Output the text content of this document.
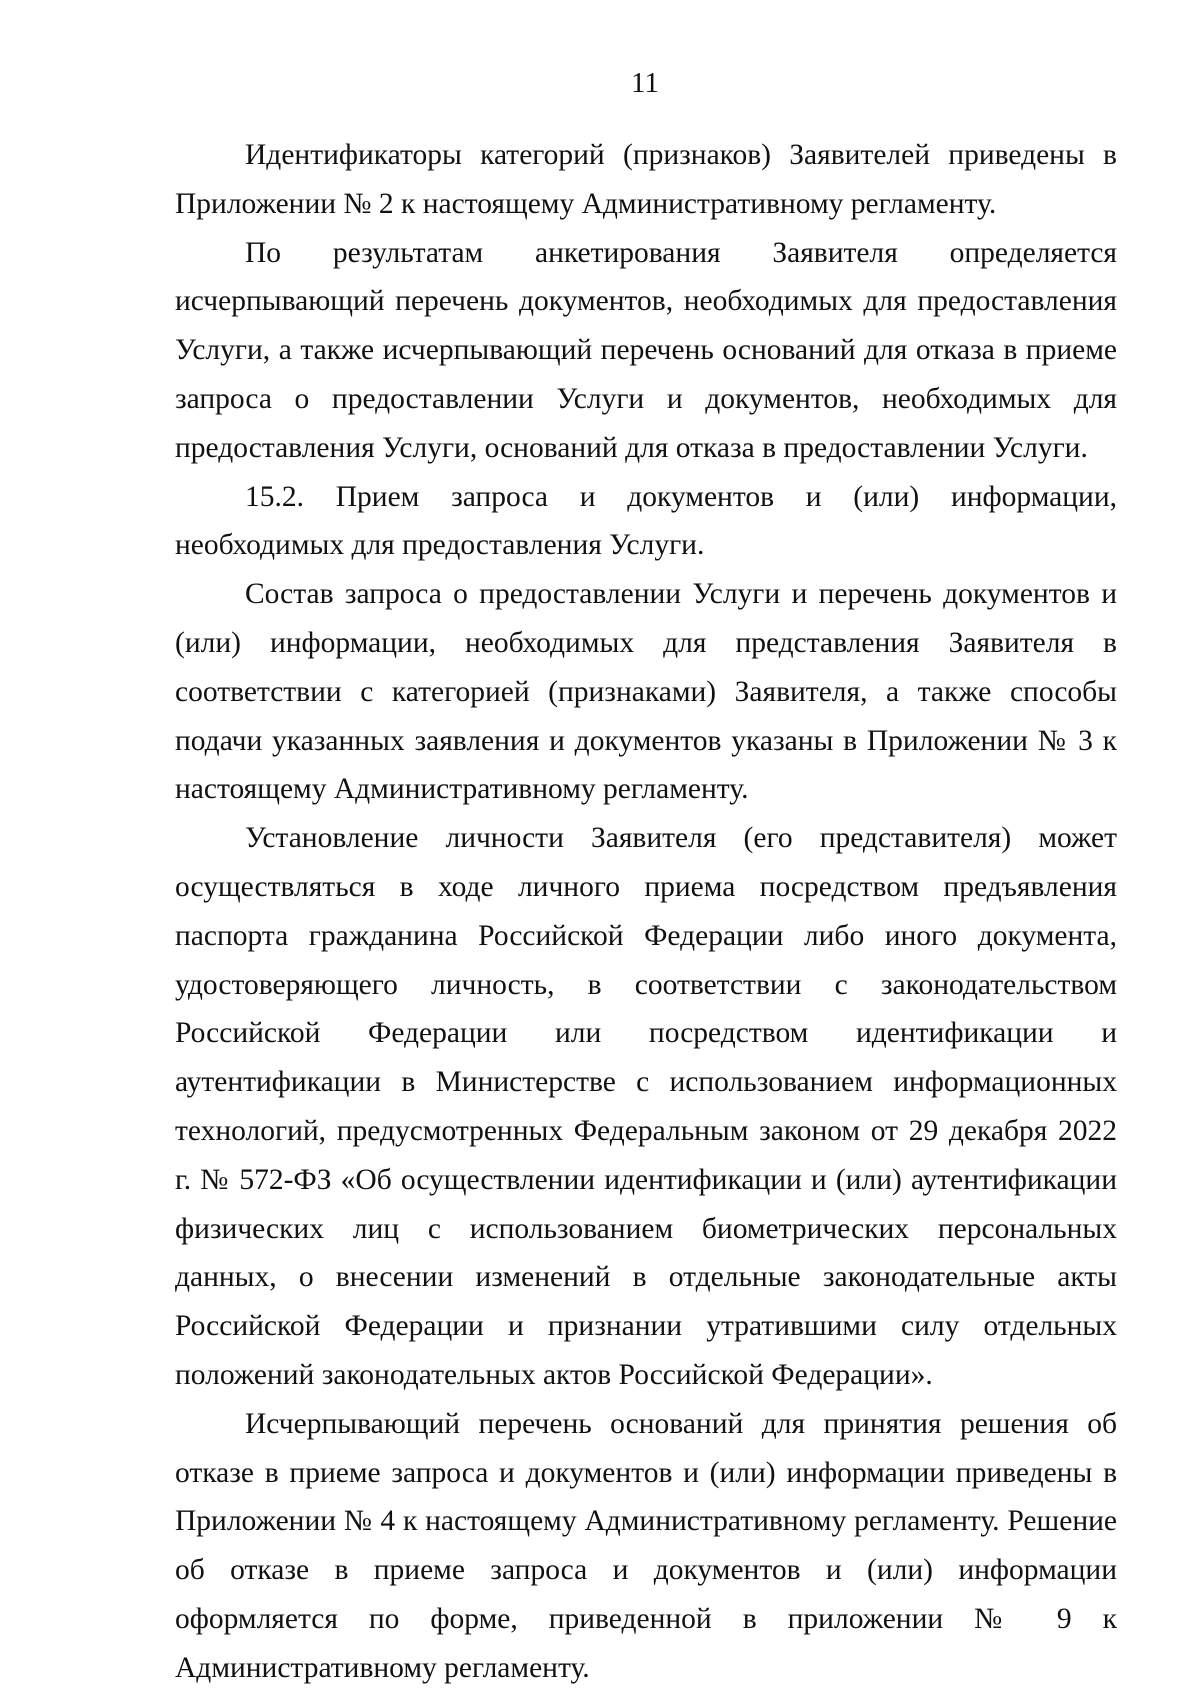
11

Идентификаторы категорий (признаков) Заявителей приведены в Приложении № 2 к настоящему Административному регламенту.

По результатам анкетирования Заявителя определяется исчерпывающий перечень документов, необходимых для предоставления Услуги, а также исчерпывающий перечень оснований для отказа в приеме запроса о предоставлении Услуги и документов, необходимых для предоставления Услуги, оснований для отказа в предоставлении Услуги.

15.2. Прием запроса и документов и (или) информации, необходимых для предоставления Услуги.

Состав запроса о предоставлении Услуги и перечень документов и (или) информации, необходимых для представления Заявителя в соответствии с категорией (признаками) Заявителя, а также способы подачи указанных заявления и документов указаны в Приложении № 3 к настоящему Административному регламенту.

Установление личности Заявителя (его представителя) может осуществляться в ходе личного приема посредством предъявления паспорта гражданина Российской Федерации либо иного документа, удостоверяющего личность, в соответствии с законодательством Российской Федерации или посредством идентификации и аутентификации в Министерстве с использованием информационных технологий, предусмотренных Федеральным законом от 29 декабря 2022 г. № 572-ФЗ «Об осуществлении идентификации и (или) аутентификации физических лиц с использованием биометрических персональных данных, о внесении изменений в отдельные законодательные акты Российской Федерации и признании утратившими силу отдельных положений законодательных актов Российской Федерации».

Исчерпывающий перечень оснований для принятия решения об отказе в приеме запроса и документов и (или) информации приведены в Приложении № 4 к настоящему Административному регламенту. Решение об отказе в приеме запроса и документов и (или) информации оформляется по форме, приведенной в приложении № 9 к Административному регламенту.
